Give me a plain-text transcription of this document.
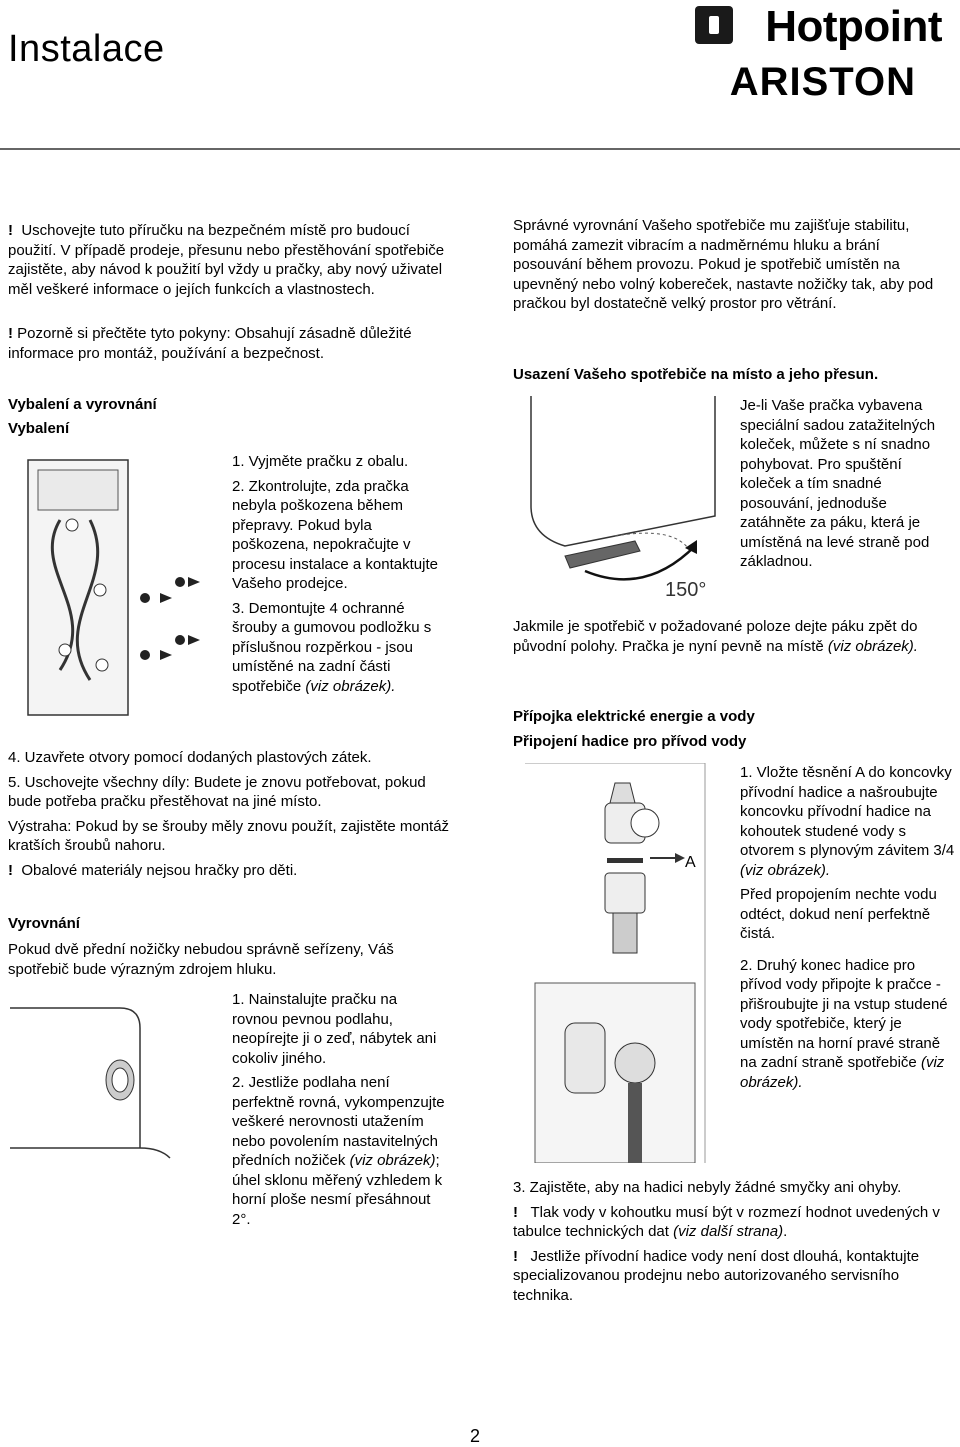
Instalace	Hotpoint
ARISTON
! Uschovejte tuto příručku na bezpečném místě pro budoucí použití. V případě prodeje, přesunu nebo přestěhování spotřebiče zajistěte, aby návod k použití byl vždy u pračky, aby nový uživatel měl veškeré informace o jejích funkcích a vlastnostech.
! Pozorně si přečtěte tyto pokyny: Obsahují zásadně důležité informace pro montáž, používání a bezpečnost.
Vybalení a vyrovnání
Vybalení

1. Vyjměte pračku z obalu.

2. Zkontrolujte, zda pračka nebyla poškozena během přepravy. Pokud byla poškozena, nepokračujte v procesu instalace a kontaktujte Vašeho prodejce.

3. Demontujte 4 ochranné šrouby a gumovou podložku s příslušnou rozpěrkou - jsou umístěné na zadní části spotřebiče (viz obrázek).

4. Uzavřete otvory pomocí dodaných plastových zátek.

5. Uschovejte všechny díly: Budete je znovu potřebovat, pokud bude potřeba pračku přestěhovat na jiné místo.

Výstraha: Pokud by se šrouby měly znovu použít, zajistěte montáž kratších šroubů nahoru.

! Obalové materiály nejsou hračky pro děti.

Vyrovnání
Pokud dvě přední nožičky nebudou správně seřízeny, Váš spotřebič bude výrazným zdrojem hluku.

1. Nainstalujte pračku na rovnou pevnou podlahu, neopírejte ji o zeď, nábytek ani cokoliv jiného.

2. Jestliže podlaha není perfektně rovná, vykompenzujte veškeré nerovnosti utažením nebo povolením nastavitelných předních nožiček (viz obrázek); úhel sklonu měřený vzhledem k horní ploše nesmí přesáhnout 2°.

Správné vyrovnání Vašeho spotřebiče mu zajišťuje stabilitu, pomáhá zamezit vibracím a nadměrnému hluku a brání posouvání během provozu. Pokud je spotřebič umístěn na upevněný nebo volný kobereček, nastavte nožičky tak, aby pod pračkou byl dostatečně velký prostor pro větrání.
Usazení Vašeho spotřebiče na místo a jeho přesun.
150°
Je-li Vaše pračka vybavena speciální sadou zatažitelných koleček, můžete s ní snadno pohybovat. Pro spuštění koleček a tím snadné posouvání, jednoduše zatáhněte za páku, která je umístěná na levé straně pod základnou.
Jakmile je spotřebič v požadované poloze dejte páku zpět do původní polohy. Pračka je nyní pevně na místě (viz obrázek).
Přípojka elektrické energie a vody
Připojení hadice pro přívod vody
A

1. Vložte těsnění A do koncovky přívodní hadice a našroubujte koncovku přívodní hadice na kohoutek studené vody s otvorem s plynovým závitem 3/4 (viz obrázek).

Před propojením nechte vodu odtéct, dokud není perfektně čistá.

2. Druhý konec hadice pro přívod vody připojte k pračce - přišroubujte ji na vstup studené vody spotřebiče, který je umístěn na horní pravé straně na zadní straně spotřebiče (viz obrázek).

3. Zajistěte, aby na hadici nebyly žádné smyčky ani ohyby.

! Tlak vody v kohoutku musí být v rozmezí hodnot uvedených v tabulce technických dat (viz další strana).

! Jestliže přívodní hadice vody není dost dlouhá, kontaktujte specializovanou prodejnu nebo autorizovaného servisního technika.

2
